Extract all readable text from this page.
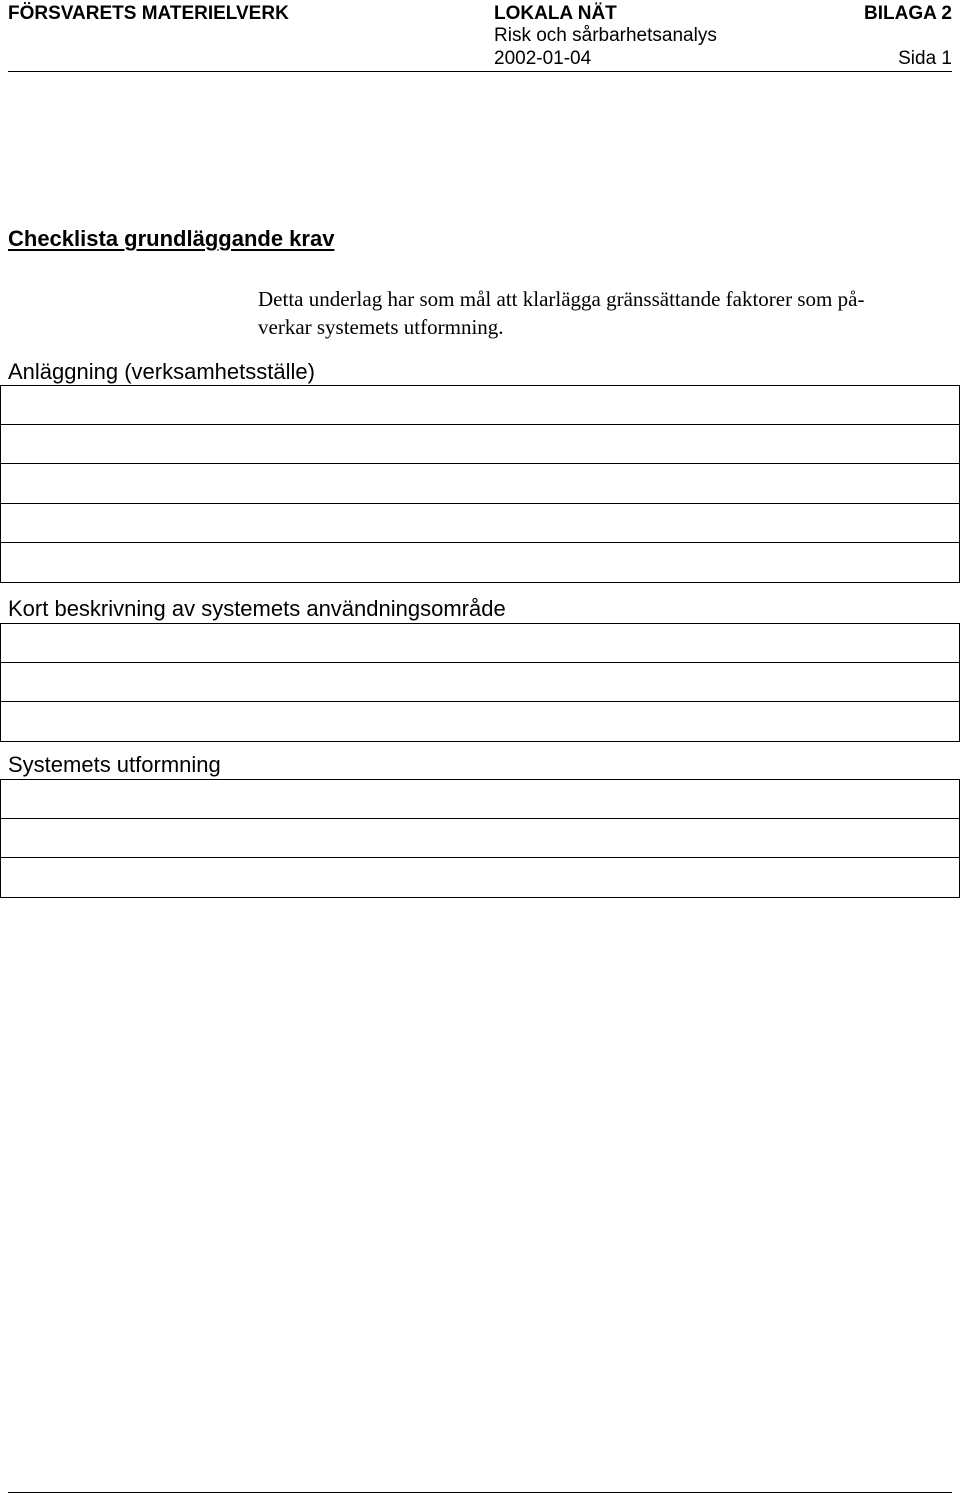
FÖRSVARETS MATERIELVERK	LOKALA NÄT	BILAGA 2
Risk och sårbarhetsanalys
2002-01-04	Sida 1
Checklista grundläggande krav
Detta underlag har som mål att klarlägga gränssättande faktorer som på-
verkar systemets utformning.
Anläggning (verksamhetsställe)
Kort beskrivning av systemets användningsområde
Systemets utformning
